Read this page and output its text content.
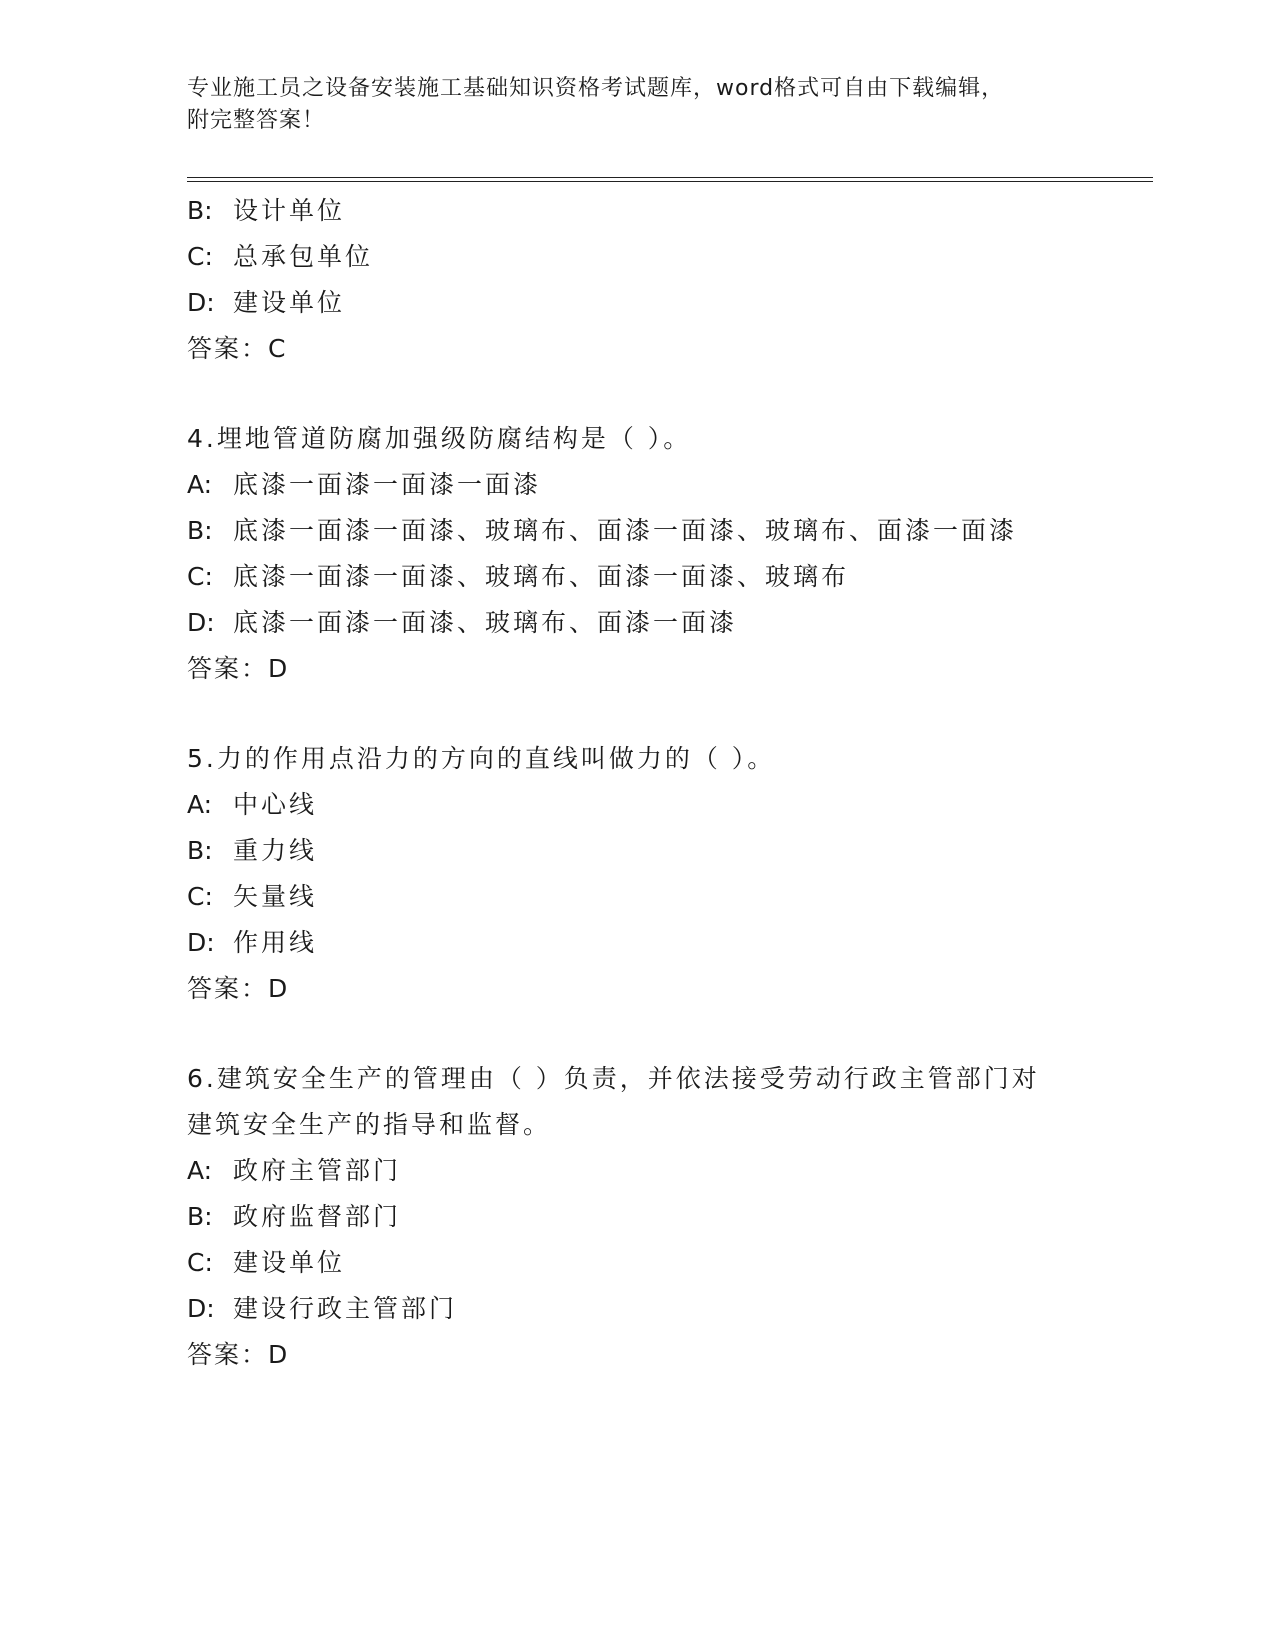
专业施工员之设备安装施工基础知识资格考试题库，word格式可自由下载编辑，
附完整答案！
B: 设计单位
C: 总承包单位
D: 建设单位
答案：C
4.埋地管道防腐加强级防腐结构是（ ）。
A: 底漆一面漆一面漆一面漆
B: 底漆一面漆一面漆、玻璃布、面漆一面漆、玻璃布、面漆一面漆
C: 底漆一面漆一面漆、玻璃布、面漆一面漆、玻璃布
D: 底漆一面漆一面漆、玻璃布、面漆一面漆
答案：D
5.力的作用点沿力的方向的直线叫做力的（ ）。
A: 中心线
B: 重力线
C: 矢量线
D: 作用线
答案：D
6.建筑安全生产的管理由（ ）负责，并依法接受劳动行政主管部门对
建筑安全生产的指导和监督。
A: 政府主管部门
B: 政府监督部门
C: 建设单位
D: 建设行政主管部门
答案：D
